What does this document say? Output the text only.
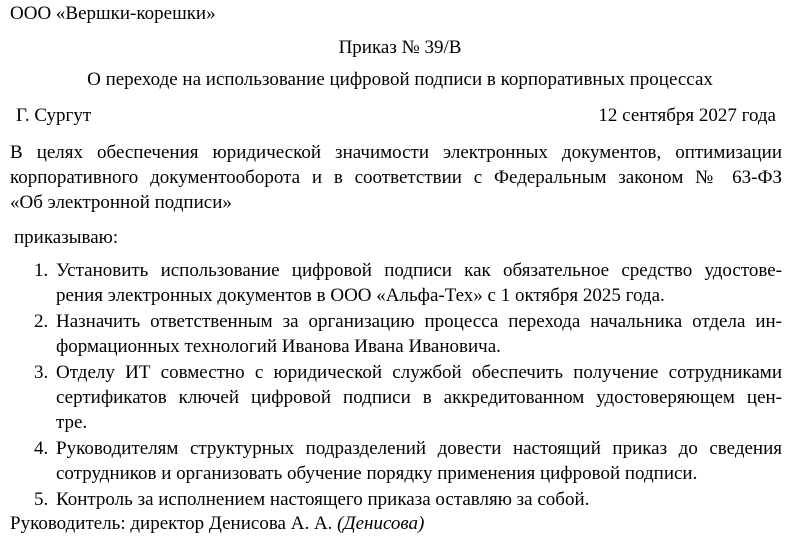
ООО «Вершки-корешки»
Приказ № 39/В
О переходе на использование цифровой подписи в корпоративных процессах
Г. Сургут	12 сентября 2027 года
В целях обеспечения юридической значимости электронных документов, оптимизации
корпоративного документооборота и в соответствии с Федеральным законом № 63-ФЗ
«Об электронной подписи»
приказываю:
1. Установить использование цифровой подписи как обязательное средство удостове-
рения электронных документов в ООО «Альфа-Тех» с 1 октября 2025 года.
2. Назначить ответственным за организацию процесса перехода начальника отдела ин-
формационных технологий Иванова Ивана Ивановича.
3. Отделу ИТ совместно с юридической службой обеспечить получение сотрудниками
сертификатов ключей цифровой подписи в аккредитованном удостоверяющем цен-
тре.
4. Руководителям структурных подразделений довести настоящий приказ до сведения
сотрудников и организовать обучение порядку применения цифровой подписи.
5. Контроль за исполнением настоящего приказа оставляю за собой.
Руководитель: директор Денисова А. А. (Денисова)
